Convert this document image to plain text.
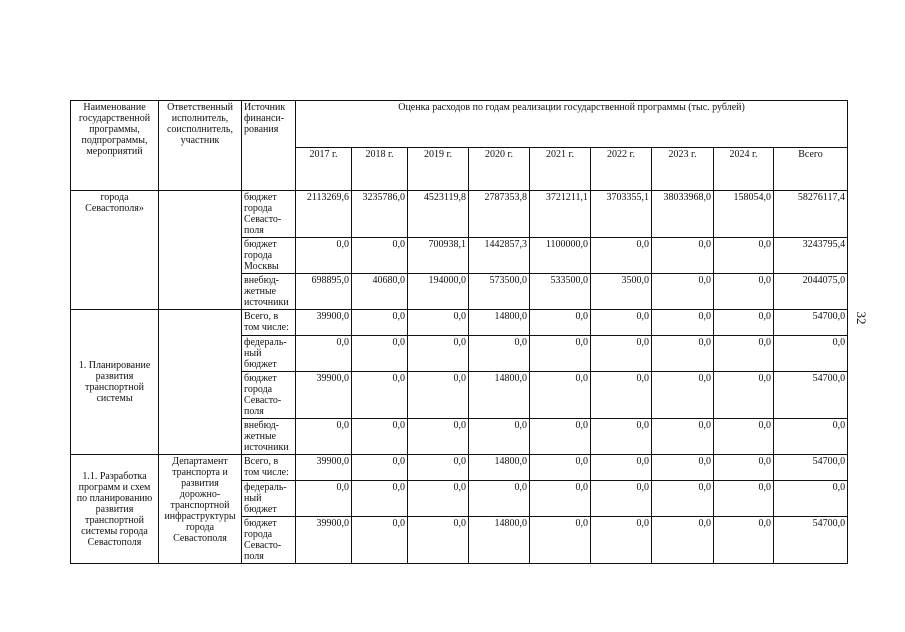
Наименование государственной программы, подпрограммы, мероприятий	Ответственный исполнитель, соисполнитель, участник	Источник финанси-рования	Оценка расходов по годам реализации государственной программы (тыс. рублей)								
			2017 г.	2018 г.	2019 г.	2020 г.	2021 г.	2022 г.	2023 г.	2024 г.	Всего
города Севастополя»		бюджет города Севасто-поля	2113269,6	3235786,0	4523119,8	2787353,8	3721211,1	3703355,1	38033968,0	158054,0	58276117,4
		бюджет города Москвы	0,0	0,0	700938,1	1442857,3	1100000,0	0,0	0,0	0,0	3243795,4
		внебюд-жетные источники	698895,0	40680,0	194000,0	573500,0	533500,0	3500,0	0,0	0,0	2044075,0
1. Планирование развития транспортной системы		Всего, в том числе:	39900,0	0,0	0,0	14800,0	0,0	0,0	0,0	0,0	54700,0
		федераль-ный бюджет	0,0	0,0	0,0	0,0	0,0	0,0	0,0	0,0	0,0
		бюджет города Севасто-поля	39900,0	0,0	0,0	14800,0	0,0	0,0	0,0	0,0	54700,0
		внебюд-жетные источники	0,0	0,0	0,0	0,0	0,0	0,0	0,0	0,0	0,0
1.1. Разработка программ и схем по планированию развития транспортной системы города Севастополя	Департамент транспорта и развития дорожно-транспортной инфраструктуры города Севастополя	Всего, в том числе:	39900,0	0,0	0,0	14800,0	0,0	0,0	0,0	0,0	54700,0
		федераль-ный бюджет	0,0	0,0	0,0	0,0	0,0	0,0	0,0	0,0	0,0
		бюджет города Севасто-поля	39900,0	0,0	0,0	14800,0	0,0	0,0	0,0	0,0	54700,0
32
